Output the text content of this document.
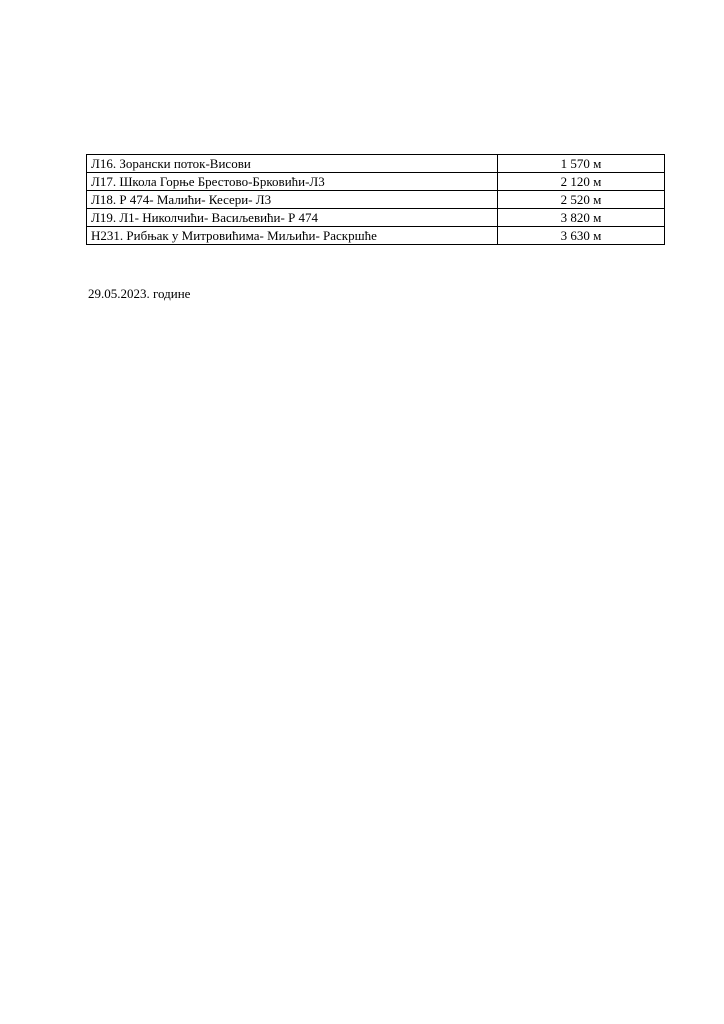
Л16. Зорански поток-Висови	1 570 м
Л17. Школа Горње Брестово-Брковићи-Л3	2 120 м
Л18. Р 474- Малићи- Кесери- Л3	2 520 м
Л19. Л1- Николчићи- Васиљевићи- Р 474	3 820 м
Н231. Рибњак у Митровићима- Миљићи- Раскршће	3 630 м
29.05.2023. године
